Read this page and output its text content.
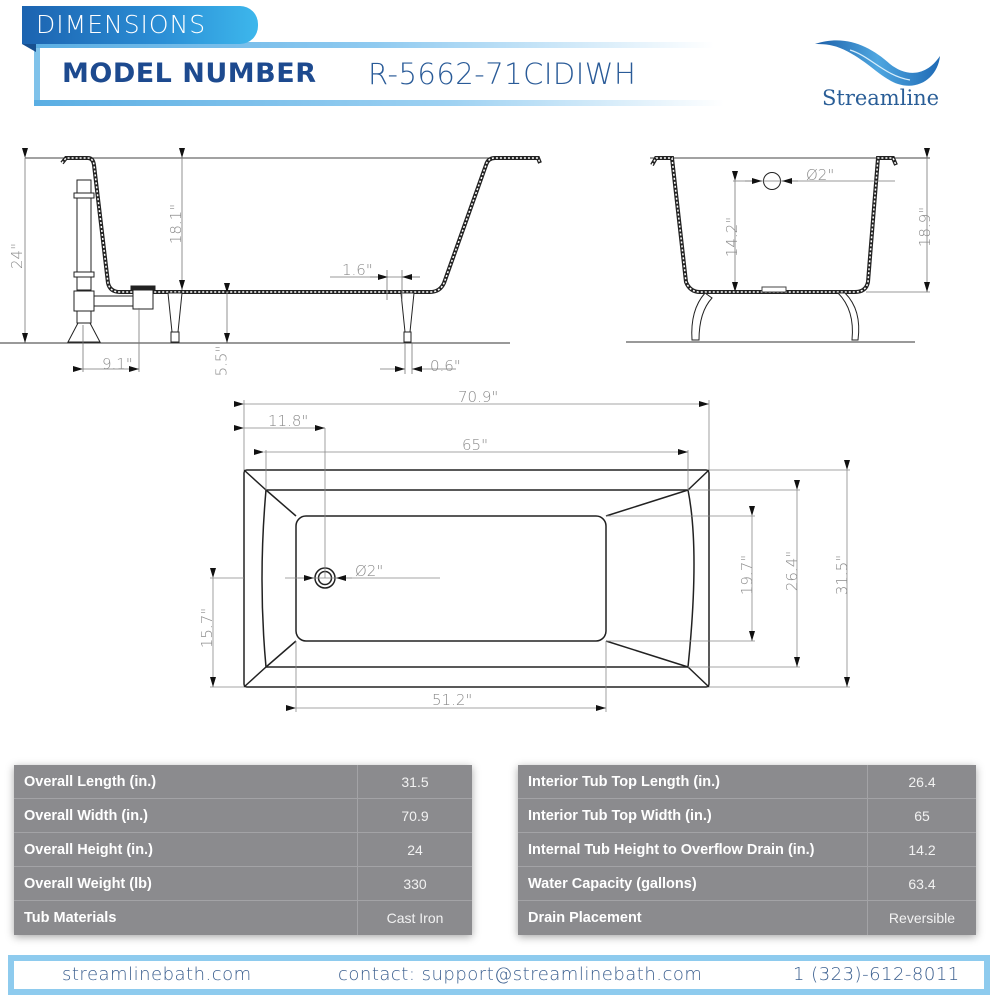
DIMENSIONS
MODEL NUMBER R-5662-71CIDIWH
Streamline
24"
18.1"
1.6"
9.1"	5.5"	0.6"
Ø2"
14.2"	18.9"
70.9"
11.8"
65"
Ø2"
15.7"
51.2"
19.7" 26.4" 31.5"
Overall Length (in.)	31.5
Overall Width (in.)	70.9
Overall Height (in.)	24
Overall Weight (lb)	330
Tub Materials	Cast Iron
Interior Tub Top Length (in.)	26.4
Interior Tub Top Width (in.)	65
Internal Tub Height to Overflow Drain (in.)	14.2
Water Capacity (gallons)	63.4
Drain Placement	Reversible
streamlinebath.com	contact: support@streamlinebath.com	1 (323)-612-8011
